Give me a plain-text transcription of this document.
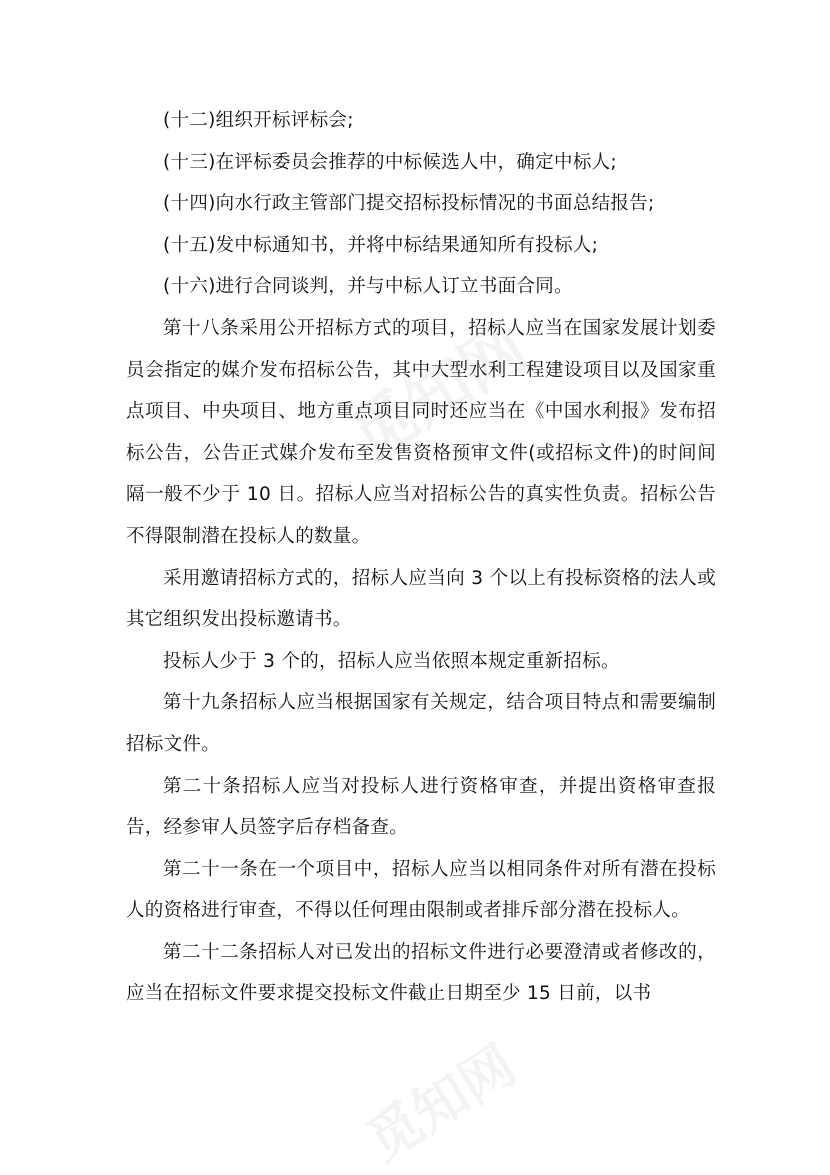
(十二)组织开标评标会;

(十三)在评标委员会推荐的中标候选人中，确定中标人;

(十四)向水行政主管部门提交招标投标情况的书面总结报告;

(十五)发中标通知书，并将中标结果通知所有投标人;

(十六)进行合同谈判，并与中标人订立书面合同。

第十八条采用公开招标方式的项目，招标人应当在国家发展计划委员会指定的媒介发布招标公告，其中大型水利工程建设项目以及国家重点项目、中央项目、地方重点项目同时还应当在《中国水利报》发布招标公告，公告正式媒介发布至发售资格预审文件(或招标文件)的时间间隔一般不少于 10 日。招标人应当对招标公告的真实性负责。招标公告不得限制潜在投标人的数量。

采用邀请招标方式的，招标人应当向 3 个以上有投标资格的法人或其它组织发出投标邀请书。

投标人少于 3 个的，招标人应当依照本规定重新招标。

第十九条招标人应当根据国家有关规定，结合项目特点和需要编制招标文件。

第二十条招标人应当对投标人进行资格审查，并提出资格审查报告，经参审人员签字后存档备查。

第二十一条在一个项目中，招标人应当以相同条件对所有潜在投标人的资格进行审查，不得以任何理由限制或者排斥部分潜在投标人。

第二十二条招标人对已发出的招标文件进行必要澄清或者修改的，应当在招标文件要求提交投标文件截止日期至少 15 日前，以书
